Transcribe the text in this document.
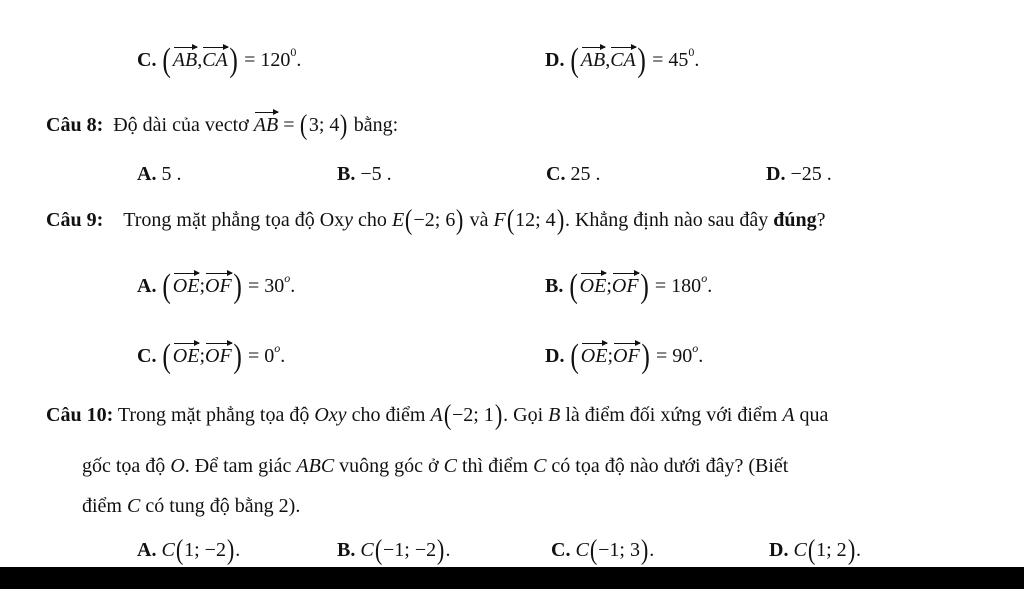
C. $(AB,CA) = 120^0$.	D. $(AB,CA) = 45^0$.
Câu 8: Độ dài của vectơ AB = (3; 4) bằng:
A. 5 .	B. −5 .	C. 25 .	D. −25 .
Câu 9: Trong mặt phẳng tọa độ Oxy cho E(−2; 6) và F(12; 4). Khẳng định nào sau đây đúng?
A. (OE;OF) = $30^o$.	B. (OE;OF) = $180^o$.
C. (OE;OF) = $0^o$.	D. (OE;OF) = $90^o$.
Câu 10: Trong mặt phẳng tọa độ Oxy cho điểm A(−2; 1). Gọi B là điểm đối xứng với điểm A qua
gốc tọa độ O. Để tam giác ABC vuông góc ở C thì điểm C có tọa độ nào dưới đây? (Biết
điểm C có tung độ bằng 2).
A. C(1; −2).	B. C(−1; −2).	C. C(−1; 3).	D. C(1; 2).
